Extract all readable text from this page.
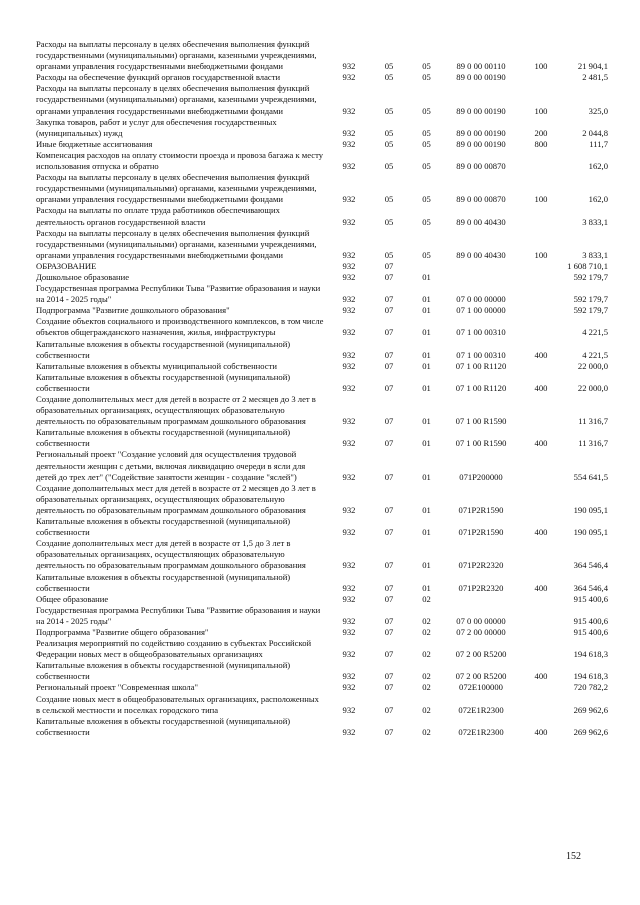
Расходы на выплаты персоналу в целях обеспечения выполнения функций государственными (муниципальными) органами, казенными учреждениями, органами управления государственными внебюджетными фондами	932	05	05	89 0 00 00110	100	21 904,1
Расходы на обеспечение функций органов государственной власти	932	05	05	89 0 00 00190		2 481,5
Расходы на выплаты персоналу в целях обеспечения выполнения функций государственными (муниципальными) органами, казенными учреждениями, органами управления государственными внебюджетными фондами	932	05	05	89 0 00 00190	100	325,0
Закупка товаров, работ и услуг для обеспечения государственных (муниципальных) нужд	932	05	05	89 0 00 00190	200	2 044,8
Иные бюджетные ассигнования	932	05	05	89 0 00 00190	800	111,7
Компенсация расходов на оплату стоимости проезда и провоза багажа к месту использования отпуска и обратно	932	05	05	89 0 00 00870		162,0
Расходы на выплаты персоналу в целях обеспечения выполнения функций государственными (муниципальными) органами, казенными учреждениями, органами управления государственными внебюджетными фондами	932	05	05	89 0 00 00870	100	162,0
Расходы на выплаты по оплате труда работников обеспечивающих деятельность органов государственной власти	932	05	05	89 0 00 40430		3 833,1
Расходы на выплаты персоналу в целях обеспечения выполнения функций государственными (муниципальными) органами, казенными учреждениями, органами управления государственными внебюджетными фондами	932	05	05	89 0 00 40430	100	3 833,1
ОБРАЗОВАНИЕ	932	07				1 608 710,1
Дошкольное образование	932	07	01			592 179,7
Государственная программа Республики Тыва "Развитие образования и науки на 2014 - 2025 годы"	932	07	01	07 0 00 00000		592 179,7
Подпрограмма "Развитие дошкольного образования"	932	07	01	07 1 00 00000		592 179,7
Создание объектов социального и производственного комплексов, в том числе объектов общегражданского назначения, жилья, инфраструктуры	932	07	01	07 1 00 00310		4 221,5
Капитальные вложения в объекты государственной (муниципальной) собственности	932	07	01	07 1 00 00310	400	4 221,5
Капитальные вложения в объекты муниципальной собственности	932	07	01	07 1 00 R1120		22 000,0
Капитальные вложения в объекты государственной (муниципальной) собственности	932	07	01	07 1 00 R1120	400	22 000,0
Создание дополнительных мест для детей в возрасте от 2 месяцев до 3 лет в образовательных организациях, осуществляющих образовательную деятельность по образовательным программам дошкольного образования	932	07	01	07 1 00 R1590		11 316,7
Капитальные вложения в объекты государственной (муниципальной) собственности	932	07	01	07 1 00 R1590	400	11 316,7
Региональный проект "Создание условий для осуществления трудовой деятельности женщин с детьми, включая ликвидацию очереди в ясли для детей до трех лет" ("Содействие занятости женщин - создание "яслей")	932	07	01	071P200000		554 641,5
Создание дополнительных мест для детей в возрасте от 2 месяцев до 3 лет в образовательных организациях, осуществляющих образовательную деятельность по образовательным программам дошкольного образования	932	07	01	071P2R1590		190 095,1
Капитальные вложения в объекты государственной (муниципальной) собственности	932	07	01	071P2R1590	400	190 095,1
Создание дополнительных мест для детей в возрасте от 1,5 до 3 лет в образовательных организациях, осуществляющих образовательную деятельность по образовательным программам дошкольного образования	932	07	01	071P2R2320		364 546,4
Капитальные вложения в объекты государственной (муниципальной) собственности	932	07	01	071P2R2320	400	364 546,4
Общее образование	932	07	02			915 400,6
Государственная программа Республики Тыва "Развитие образования и науки на 2014 - 2025 годы"	932	07	02	07 0 00 00000		915 400,6
Подпрограмма "Развитие общего образования"	932	07	02	07 2 00 00000		915 400,6
Реализация мероприятий по содействию созданию в субъектах Российской Федерации новых мест в общеобразовательных организациях	932	07	02	07 2 00 R5200		194 618,3
Капитальные вложения в объекты государственной (муниципальной) собственности	932	07	02	07 2 00 R5200	400	194 618,3
Региональный проект "Современная школа"	932	07	02	072E100000		720 782,2
Создание новых мест в общеобразовательных организациях, расположенных в сельской местности и поселках городского типа	932	07	02	072E1R2300		269 962,6
Капитальные вложения в объекты государственной (муниципальной) собственности	932	07	02	072E1R2300	400	269 962,6
152
